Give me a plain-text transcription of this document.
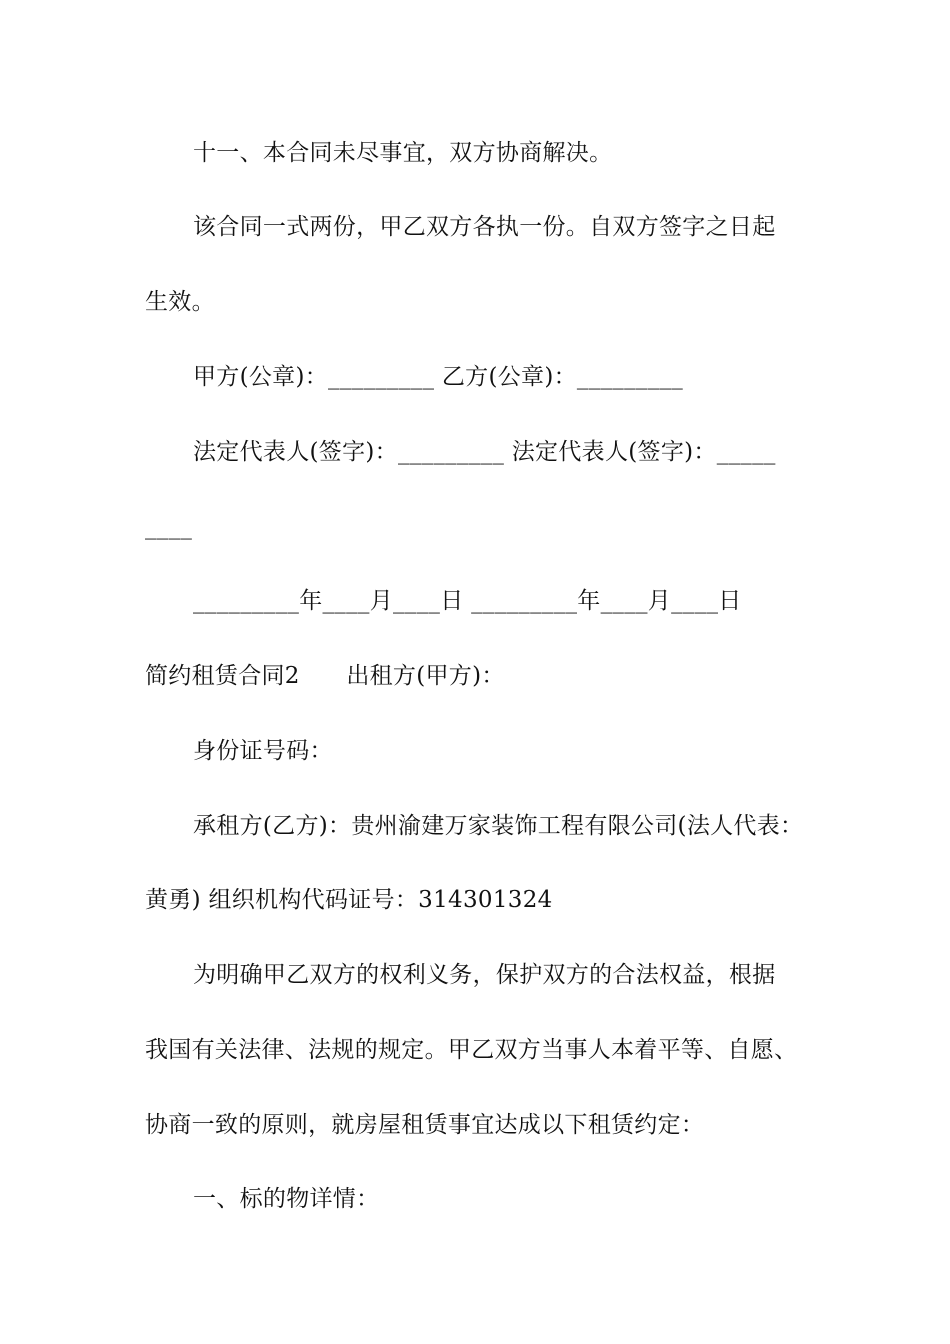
十一、本合同未尽事宜，双方协商解决。
该合同一式两份，甲乙双方各执一份。自双方签字之日起
生效。
甲方(公章)：_________ 乙方(公章)：_________
法定代表人(签字)：_________ 法定代表人(签字)：_____
____
_________年____月____日 _________年____月____日
简约租赁合同2　　出租方(甲方)：
身份证号码：
承租方(乙方)：贵州渝建万家装饰工程有限公司(法人代表：
黄勇) 组织机构代码证号：314301324
为明确甲乙双方的权利义务，保护双方的合法权益，根据
我国有关法律、法规的规定。甲乙双方当事人本着平等、自愿、
协商一致的原则，就房屋租赁事宜达成以下租赁约定：
一、标的物详情：
